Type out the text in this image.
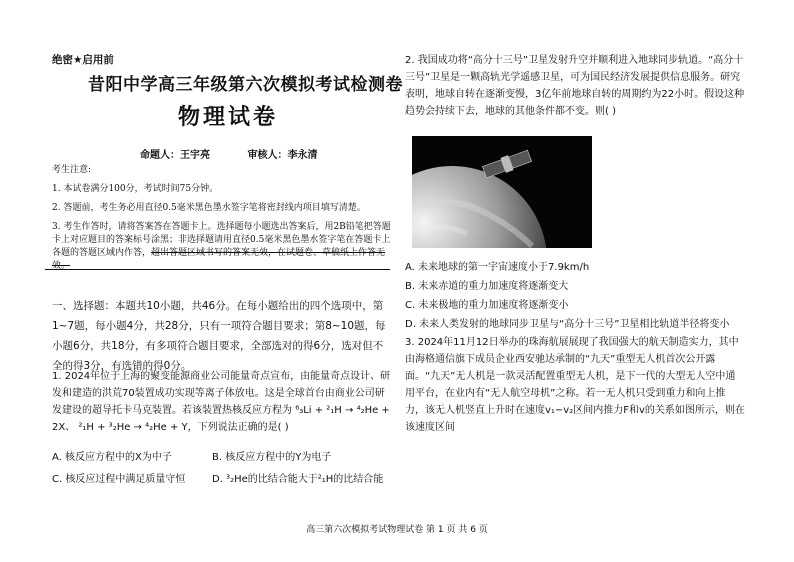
绝密★启用前
昔阳中学高三年级第六次模拟考试检测卷
物理试卷
命题人：王宇亮	审核人：李永清

考生注意:

1. 本试卷满分100分，考试时间75分钟。

2. 答题前，考生务必用直径0.5毫米黑色墨水签字笔将密封线内项目填写清楚。

3. 考生作答时，请将答案答在答题卡上。选择题每小题选出答案后，用2B铅笔把答题卡上对应题目的答案标号涂黑；非选择题请用直径0.5毫米黑色墨水签字笔在答题卡上各题的答题区域内作答，超出答题区域书写的答案无效，在试题卷、草稿纸上作答无效。

一、选择题：本题共10小题，共46分。在每小题给出的四个选项中，第1~7题，每小题4分，共28分，只有一项符合题目要求；第8~10题，每小题6分，共18分，有多项符合题目要求，全部选对的得6分，选对但不全的得3分，有选错的得0分。
1. 2024年位于上海的聚变能源商业公司能量奇点宣布，由能量奇点设计、研发和建造的洪荒70装置成功实现等离子体放电。这是全球首台由商业公司研发建设的超导托卡马克装置。若该装置热核反应方程为 ⁶₃Li + ²₁H → ⁴₂He + 2X、 ²₁H + ³₂He → ⁴₂He + Y，下列说法正确的是( )
A. 核反应方程中的X为中子	B. 核反应方程中的Y为电子
C. 核反应过程中满足质量守恒	D. ³₂He的比结合能大于²₁H的比结合能
2. 我国成功将“高分十三号”卫星发射升空并顺利进入地球同步轨道。“高分十三号”卫星是一颗高轨光学遥感卫星，可为国民经济发展提供信息服务。研究表明，地球自转在逐渐变慢，3亿年前地球自转的周期约为22小时。假设这种趋势会持续下去，地球的其他条件都不变。则( )
A. 未来地球的第一宇宙速度小于7.9km/h
B. 未来赤道的重力加速度将逐渐变大
C. 未来极地的重力加速度将逐渐变小
D. 未来人类发射的地球同步卫星与“高分十三号”卫星相比轨道半径将变小
3. 2024年11月12日举办的珠海航展展现了我国强大的航天制造实力，其中由海格通信旗下成员企业西安驰达承制的“九天”重型无人机首次公开露面。“九天”无人机是一款灵活配置重型无人机，是下一代的大型无人空中通用平台，在业内有“无人航空母机”之称。若一无人机只受到重力和向上推力，该无人机竖直上升时在速度v₁−v₂区间内推力F和v的关系如图所示，则在该速度区间
高三第六次模拟考试物理试卷 第 1 页 共 6 页
